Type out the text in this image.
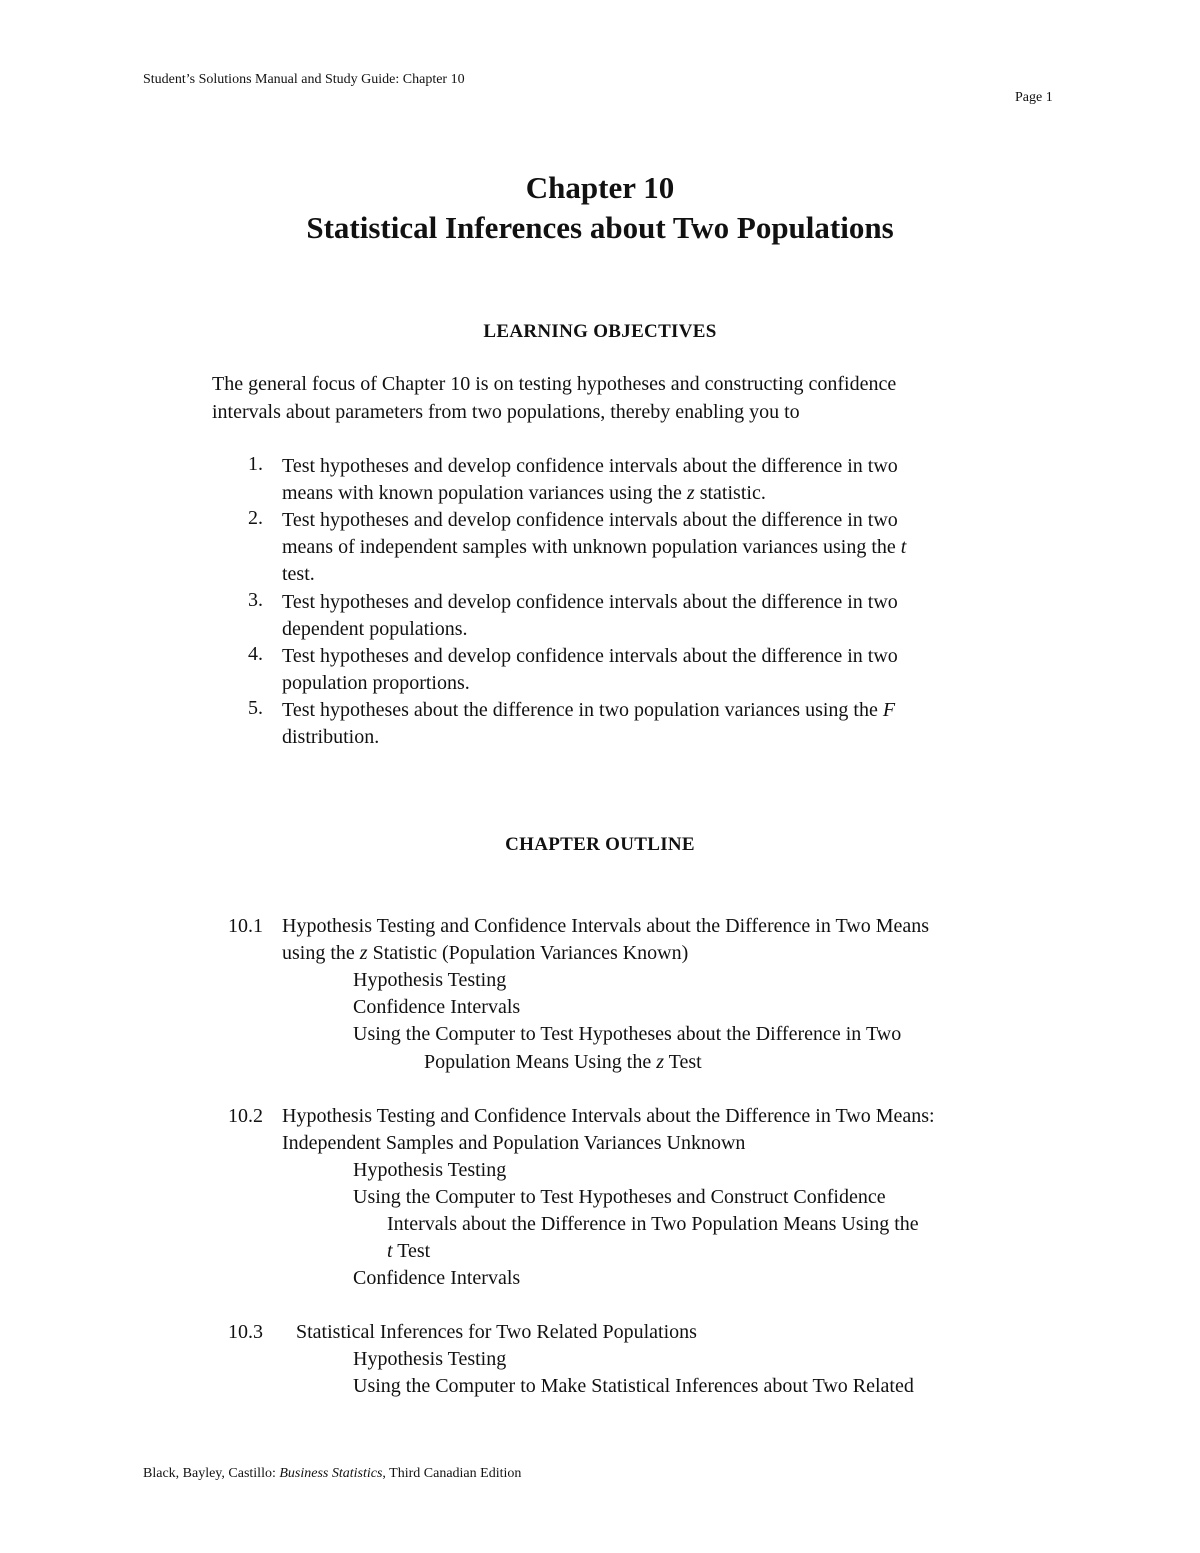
Student’s Solutions Manual and Study Guide: Chapter 10
Page 1
Chapter 10
Statistical Inferences about Two Populations
LEARNING OBJECTIVES
The general focus of Chapter 10 is on testing hypotheses and constructing confidence
intervals about parameters from two populations, thereby enabling you to
1. Test hypotheses and develop confidence intervals about the difference in two
means with known population variances using the z statistic.
2. Test hypotheses and develop confidence intervals about the difference in two
means of independent samples with unknown population variances using the t
test.
3. Test hypotheses and develop confidence intervals about the difference in two
dependent populations.
4. Test hypotheses and develop confidence intervals about the difference in two
population proportions.
5. Test hypotheses about the difference in two population variances using the F
distribution.
CHAPTER OUTLINE
10.1 Hypothesis Testing and Confidence Intervals about the Difference in Two Means
using the z Statistic (Population Variances Known)
Hypothesis Testing
Confidence Intervals
Using the Computer to Test Hypotheses about the Difference in Two
Population Means Using the z Test
10.2 Hypothesis Testing and Confidence Intervals about the Difference in Two Means:
Independent Samples and Population Variances Unknown
Hypothesis Testing
Using the Computer to Test Hypotheses and Construct Confidence
Intervals about the Difference in Two Population Means Using the
t Test
Confidence Intervals
10.3 Statistical Inferences for Two Related Populations
Hypothesis Testing
Using the Computer to Make Statistical Inferences about Two Related
Black, Bayley, Castillo: Business Statistics, Third Canadian Edition
